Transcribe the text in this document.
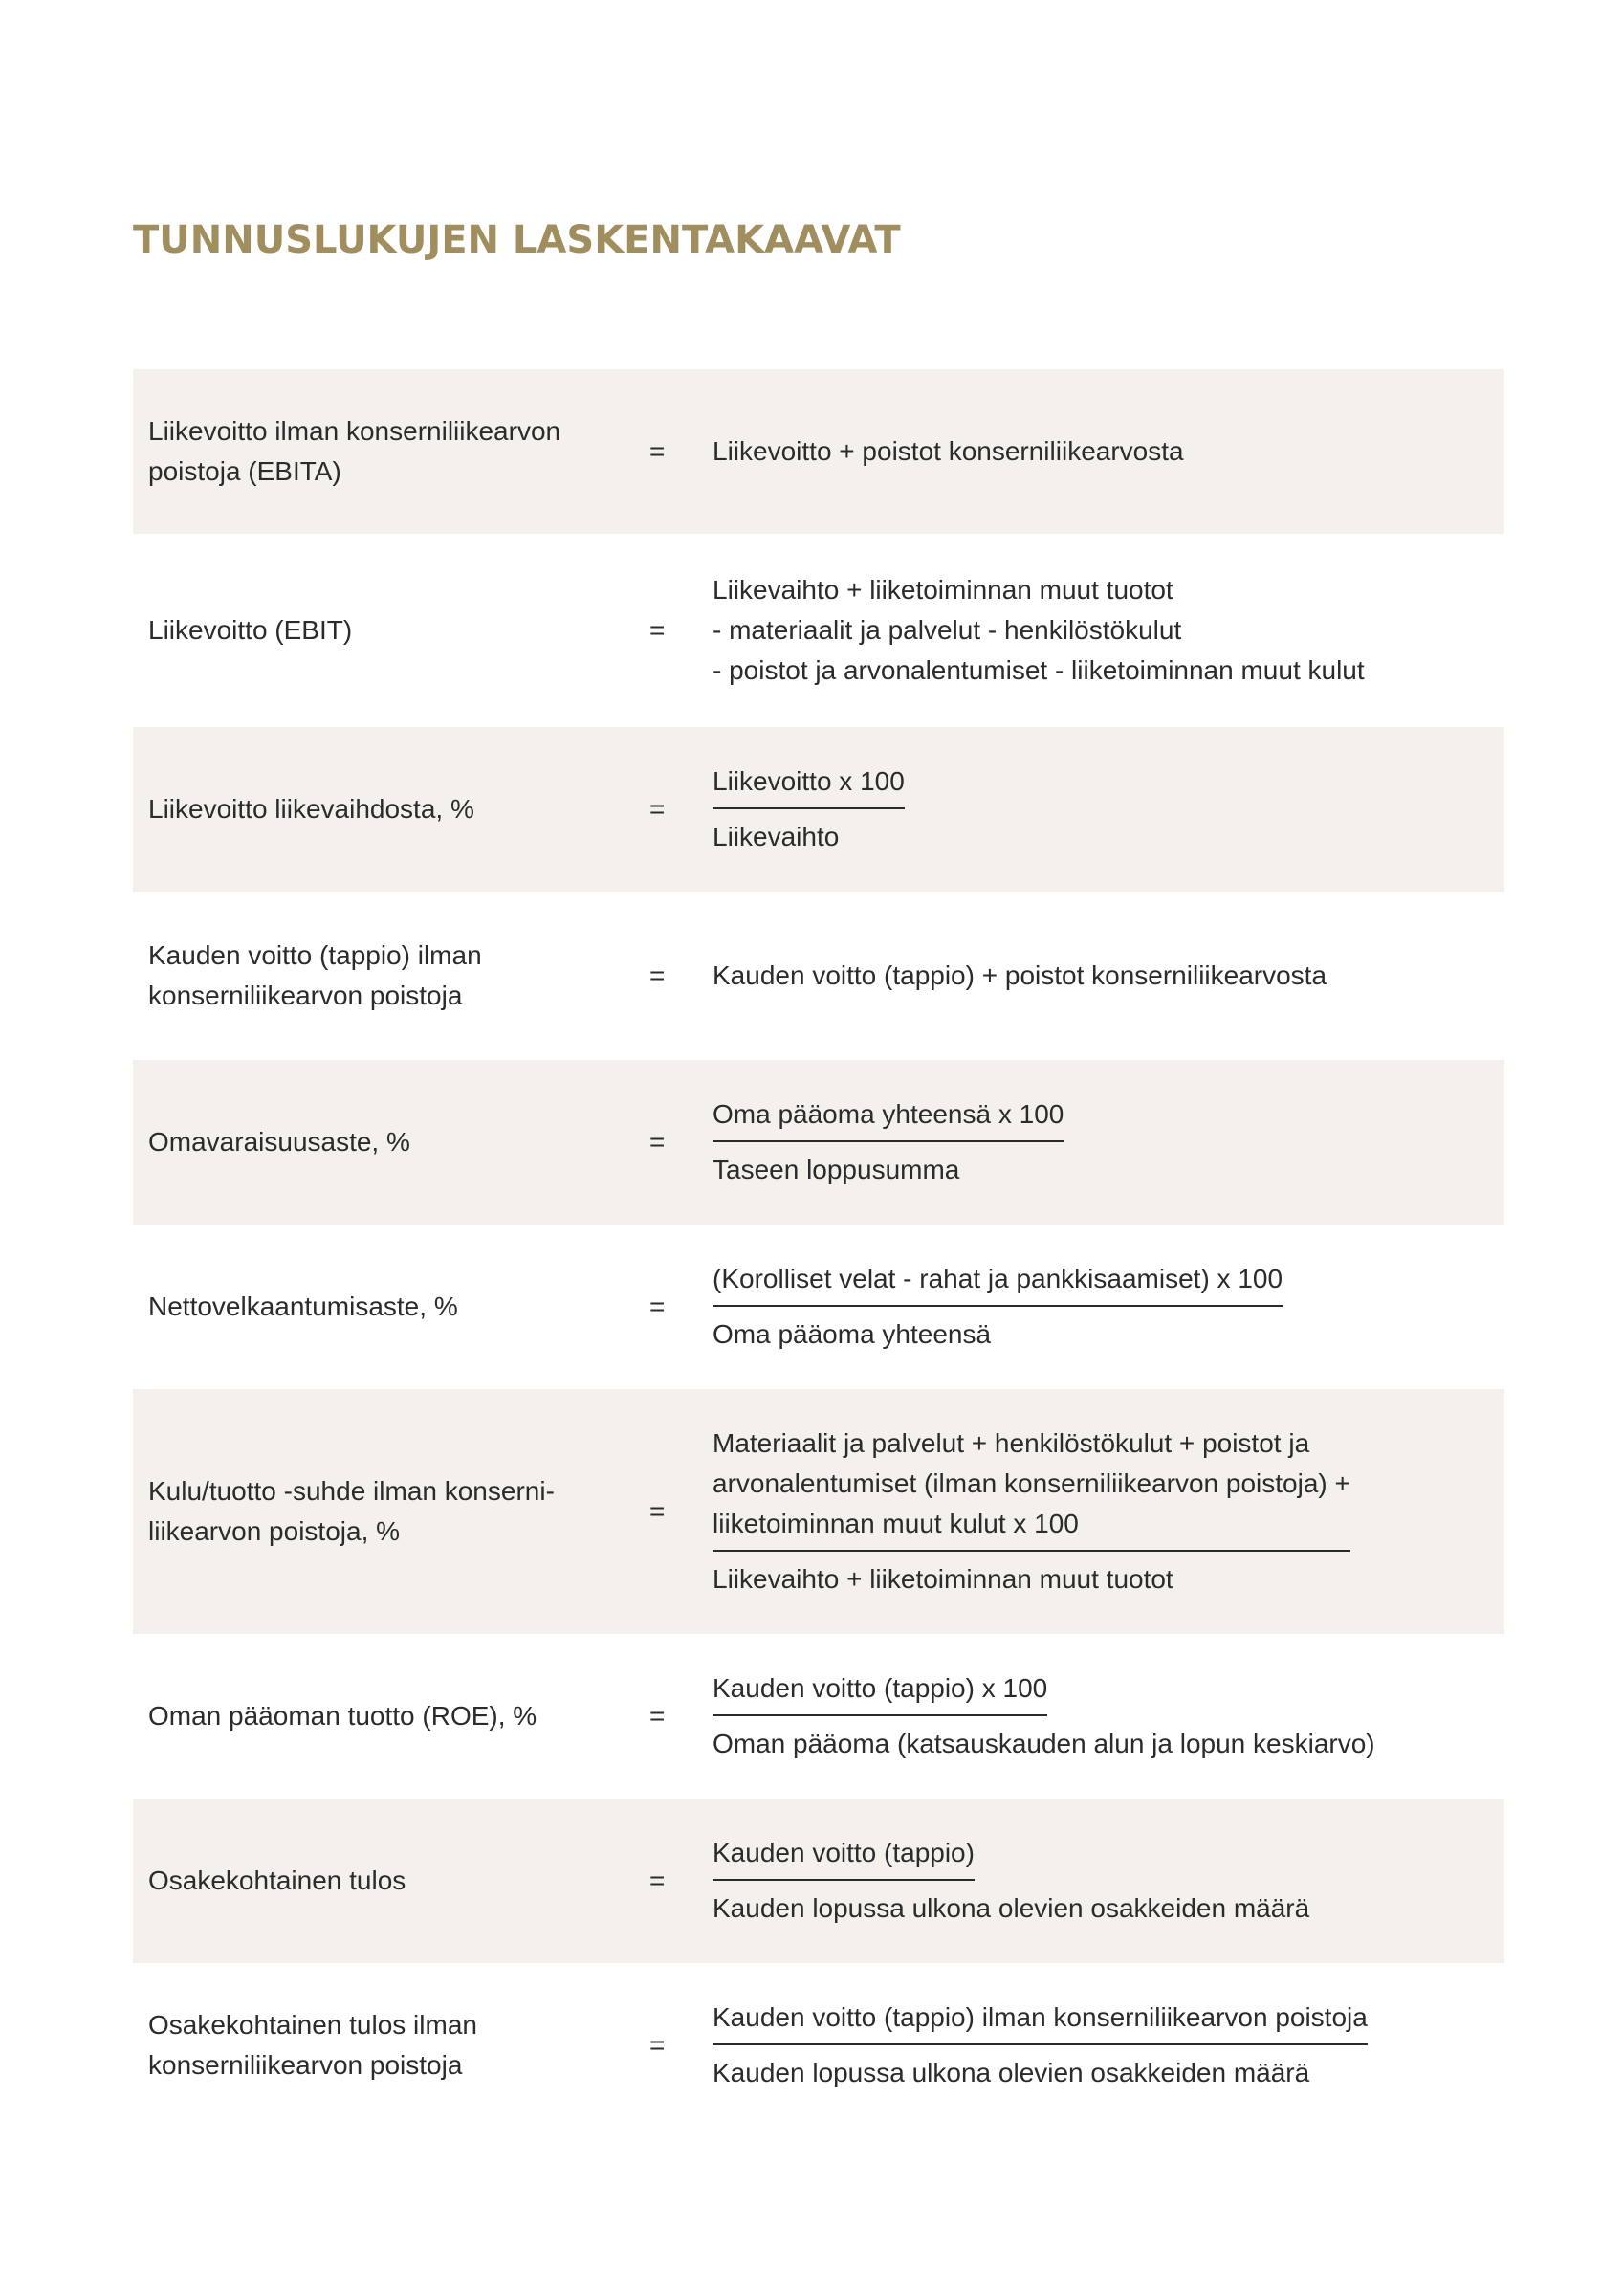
TUNNUSLUKUJEN LASKENTAKAAVAT
Liikevoitto ilman konserniliikearvon
poistoja (EBITA)
= Liikevoitto + poistot konserniliikearvosta
Liikevoitto (EBIT)	=
Liikevaihto + liiketoiminnan muut tuotot
- materiaalit ja palvelut - henkilöstökulut
- poistot ja arvonalentumiset - liiketoiminnan muut kulut
Liikevoitto liikevaihdosta, %	=
Liikevoitto x 100
Liikevaihto
Kauden voitto (tappio) ilman
konserniliikearvon poistoja
= Kauden voitto (tappio) + poistot konserniliikearvosta
Omavaraisuusaste, %	=
Oma pääoma yhteensä x 100
Taseen loppusumma
Nettovelkaantumisaste, %	=
(Korolliset velat - rahat ja pankkisaamiset) x 100
Oma pääoma yhteensä
Kulu/tuotto -suhde ilman konserni-
liikearvon poistoja, %
=
Materiaalit ja palvelut + henkilöstökulut + poistot ja
arvonalentumiset (ilman konserniliikearvon poistoja) +
liiketoiminnan muut kulut x 100
Liikevaihto + liiketoiminnan muut tuotot
Oman pääoman tuotto (ROE), %	=
Kauden voitto (tappio) x 100
Oman pääoma (katsauskauden alun ja lopun keskiarvo)
Osakekohtainen tulos	=
Kauden voitto (tappio)
Kauden lopussa ulkona olevien osakkeiden määrä
Osakekohtainen tulos ilman
konserniliikearvon poistoja
=
Kauden voitto (tappio) ilman konserniliikearvon poistoja
Kauden lopussa ulkona olevien osakkeiden määrä
